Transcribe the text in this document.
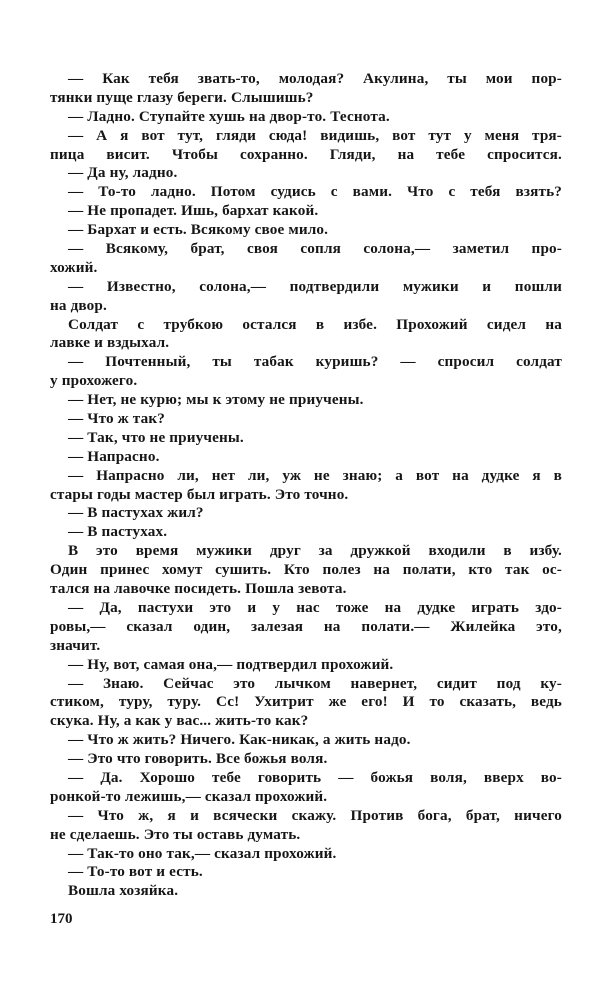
— Как тебя звать-то, молодая? Акулина, ты мои пор-
тянки пуще глазу береги. Слышишь?
— Ладно. Ступайте хушь на двор-то. Теснота.
— А я вот тут, гляди сюда! видишь, вот тут у меня тря-
пица висит. Чтобы сохранно. Гляди, на тебе спросится.
— Да ну, ладно.
— То-то ладно. Потом судись с вами. Что с тебя взять?
— Не пропадет. Ишь, бархат какой.
— Бархат и есть. Всякому свое мило.
— Всякому, брат, своя сопля солона,— заметил про-
хожий.
— Известно, солона,— подтвердили мужики и пошли
на двор.
Солдат с трубкою остался в избе. Прохожий сидел на
лавке и вздыхал.
— Почтенный, ты табак куришь? — спросил солдат
у прохожего.
— Нет, не курю; мы к этому не приучены.
— Что ж так?
— Так, что не приучены.
— Напрасно.
— Напрасно ли, нет ли, уж не знаю; а вот на дудке я в
стары годы мастер был играть. Это точно.
— В пастухах жил?
— В пастухах.
В это время мужики друг за дружкой входили в избу.
Один принес хомут сушить. Кто полез на полати, кто так ос-
тался на лавочке посидеть. Пошла зевота.
— Да, пастухи это и у нас тоже на дудке играть здо-
ровы,— сказал один, залезая на полати.— Жилейка это,
значит.
— Ну, вот, самая она,— подтвердил прохожий.
— Знаю. Сейчас это лычком навернет, сидит под ку-
стиком, туру, туру. Сс! Ухитрит же его! И то сказать, ведь
скука. Ну, а как у вас... жить-то как?
— Что ж жить? Ничего. Как-никак, а жить надо.
— Это что говорить. Все божья воля.
— Да. Хорошо тебе говорить — божья воля, вверх во-
ронкой-то лежишь,— сказал прохожий.
— Что ж, я и всячески скажу. Против бога, брат, ничего
не сделаешь. Это ты оставь думать.
— Так-то оно так,— сказал прохожий.
— То-то вот и есть.
Вошла хозяйка.
170
